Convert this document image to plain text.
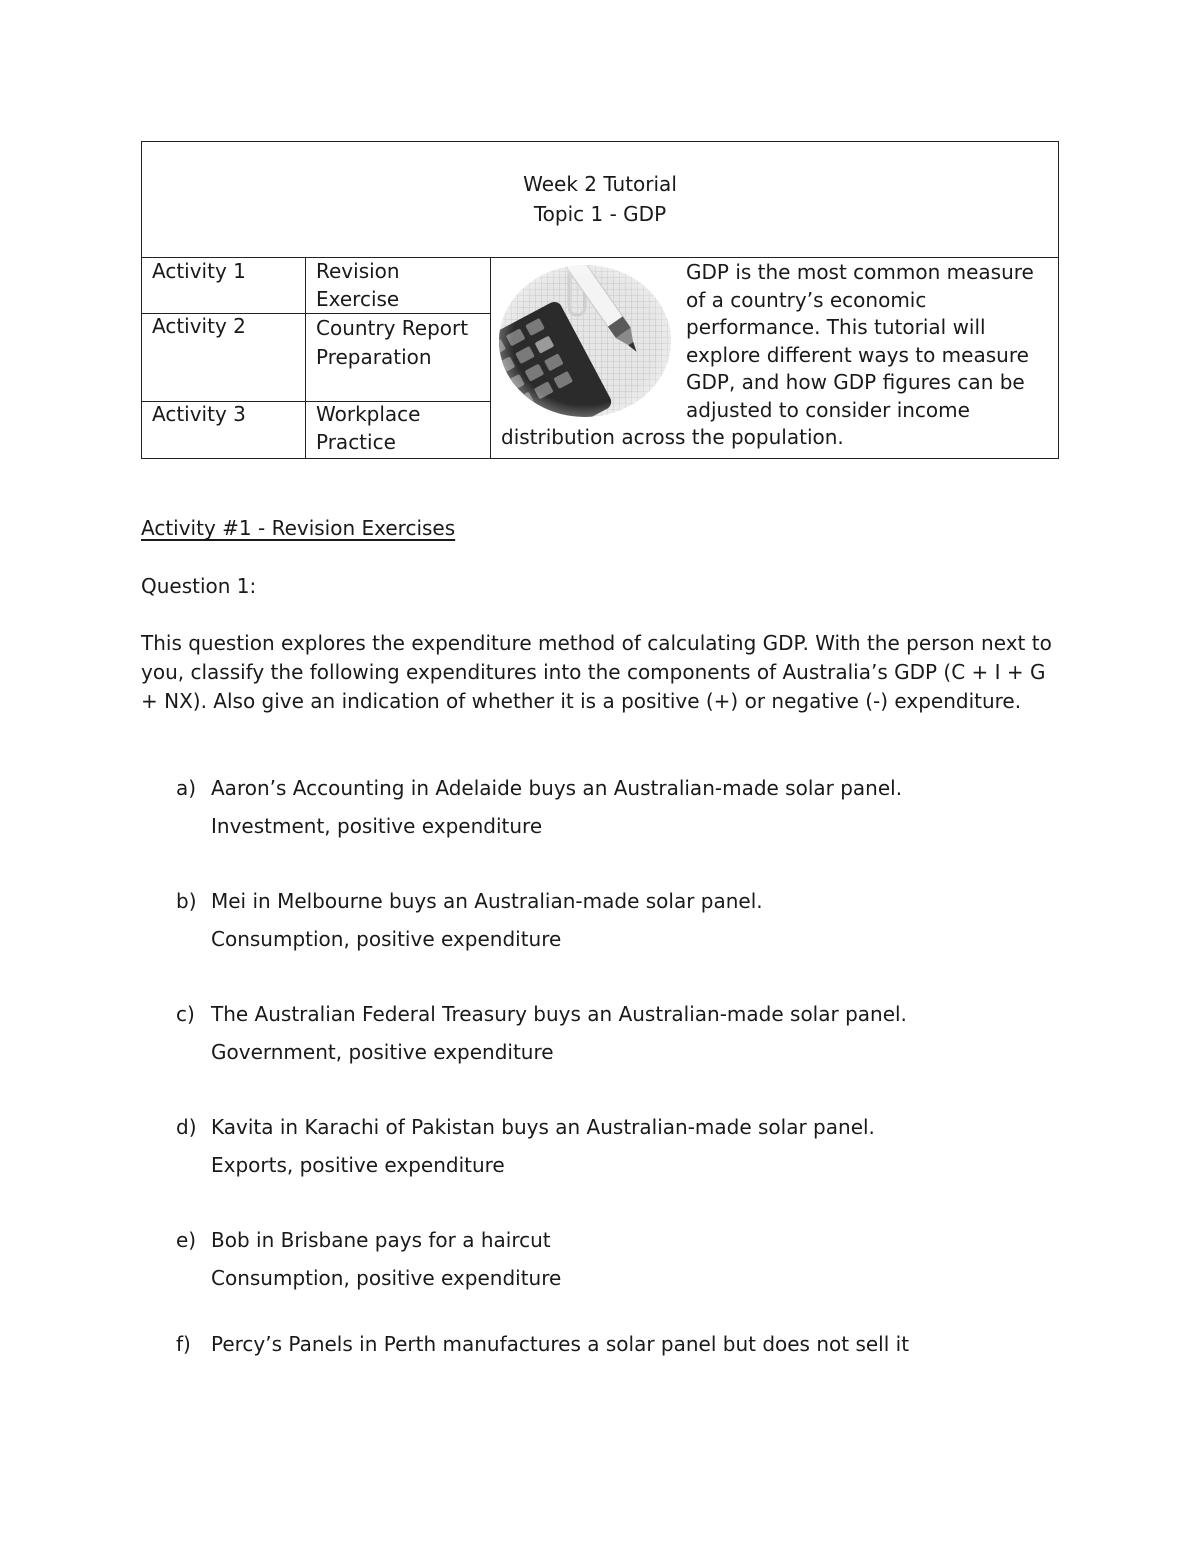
Week 2 Tutorial
Topic 1 - GDP
Activity 1	Revision Exercise
Activity 2	Country Report Preparation
Activity 3	Workplace Practice
GDP is the most common measure of a country’s economic performance. This tutorial will explore different ways to measure GDP, and how GDP figures can be adjusted to consider income
distribution across the population.
Activity #1 - Revision Exercises
Question 1:
This question explores the expenditure method of calculating GDP. With the person next to you, classify the following expenditures into the components of Australia’s GDP (C + I + G + NX). Also give an indication of whether it is a positive (+) or negative (-) expenditure.
a) Aaron’s Accounting in Adelaide buys an Australian-made solar panel.
Investment, positive expenditure
b) Mei in Melbourne buys an Australian-made solar panel.
Consumption, positive expenditure
c) The Australian Federal Treasury buys an Australian-made solar panel.
Government, positive expenditure
d) Kavita in Karachi of Pakistan buys an Australian-made solar panel.
Exports, positive expenditure
e) Bob in Brisbane pays for a haircut
Consumption, positive expenditure
f) Percy’s Panels in Perth manufactures a solar panel but does not sell it
